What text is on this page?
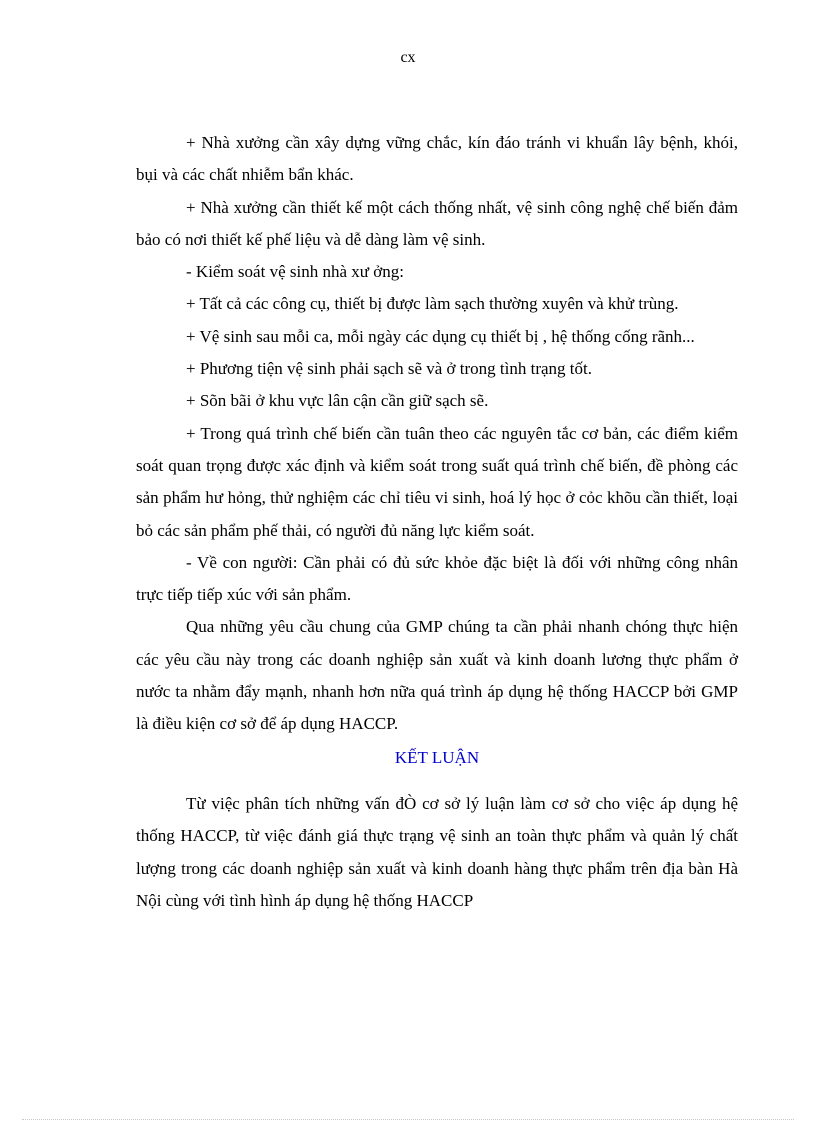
cx

+ Nhà xưởng cần xây dựng vững chắc, kín đáo tránh vi khuẩn lây bệnh, khói, bụi và các chất nhiễm bẩn khác.

+ Nhà xưởng cần thiết kế một cách thống nhất, vệ sinh công nghệ chế biến đảm bảo có nơi thiết kế phế liệu và dễ dàng làm vệ sinh.

- Kiểm soát vệ sinh nhà xư ởng:

+ Tất cả các công cụ, thiết bị được làm sạch thường xuyên và khử trùng.

+ Vệ sinh sau mỗi ca, mỗi ngày các dụng cụ thiết bị , hệ thống cống rãnh...

+ Phương tiện vệ sinh phải sạch sẽ và ở trong tình trạng tốt.

+ Sõn bãi ở khu vực lân cận cần giữ sạch sẽ.

+ Trong quá trình chế biến cần tuân theo các nguyên tắc cơ bản, các điểm kiểm soát quan trọng được xác định và kiểm soát trong suất quá trình chế biến, đề phòng các sản phẩm hư hỏng, thử nghiệm các chỉ tiêu vi sinh, hoá lý học ở cỏc khõu cần thiết, loại bỏ các sản phẩm phế thải, có người đủ năng lực kiểm soát.

- Về con người: Cần phải có đủ sức khỏe đặc biệt là đối với những công nhân trực tiếp tiếp xúc với sản phẩm.

Qua những yêu cầu chung của GMP chúng ta cần phải nhanh chóng thực hiện các yêu cầu này trong các doanh nghiệp sản xuất và kinh doanh lương thực phẩm ở nước ta nhằm đẩy mạnh, nhanh hơn nữa quá trình áp dụng hệ thống HACCP bởi GMP là điều kiện cơ sở để áp dụng HACCP.

KẾT LUẬN

Từ việc phân tích những vấn đÒ cơ sở lý luận làm cơ sở cho việc áp dụng hệ thống HACCP, từ việc đánh giá thực trạng vệ sinh an toàn thực phẩm và quản lý chất lượng trong các doanh nghiệp sản xuất và kinh doanh hàng thực phẩm trên địa bàn Hà Nội cùng với tình hình áp dụng hệ thống HACCP
